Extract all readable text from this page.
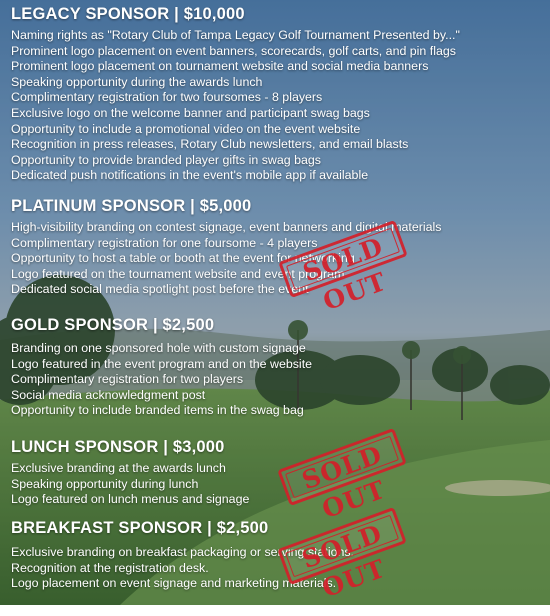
LEGACY SPONSOR | $10,000
Naming rights as "Rotary Club of Tampa Legacy Golf Tournament Presented by..."
Prominent logo placement on event banners, scorecards, golf carts, and pin flags
Prominent logo placement on tournament website and social media banners
Speaking opportunity during the awards lunch
Complimentary registration for two foursomes - 8 players
Exclusive logo on the welcome banner and participant swag bags
Opportunity to include a promotional video on the event website
Recognition in press releases, Rotary Club newsletters, and email blasts
Opportunity to provide branded player gifts in swag bags
Dedicated push notifications in the event's mobile app if available
PLATINUM SPONSOR | $5,000
High-visibility branding on contest signage, event banners and digital materials
Complimentary registration for one foursome - 4 players
Opportunity to host a table or booth at the event for networking
Logo featured on the tournament website and event program
Dedicated social media spotlight post before the event
GOLD SPONSOR | $2,500
Branding on one sponsored hole with custom signage
Logo featured in the event program and on the website
Complimentary registration for two players
Social media acknowledgment post
Opportunity to include branded items in the swag bag
LUNCH SPONSOR | $3,000
Exclusive branding at the awards lunch
Speaking opportunity during lunch
Logo featured on lunch menus and signage
BREAKFAST SPONSOR | $2,500
Exclusive branding on breakfast packaging or serving stations.
Recognition at the registration desk.
Logo placement on event signage and marketing materials.
SOLD OUT
SOLD OUT
SOLD OUT
